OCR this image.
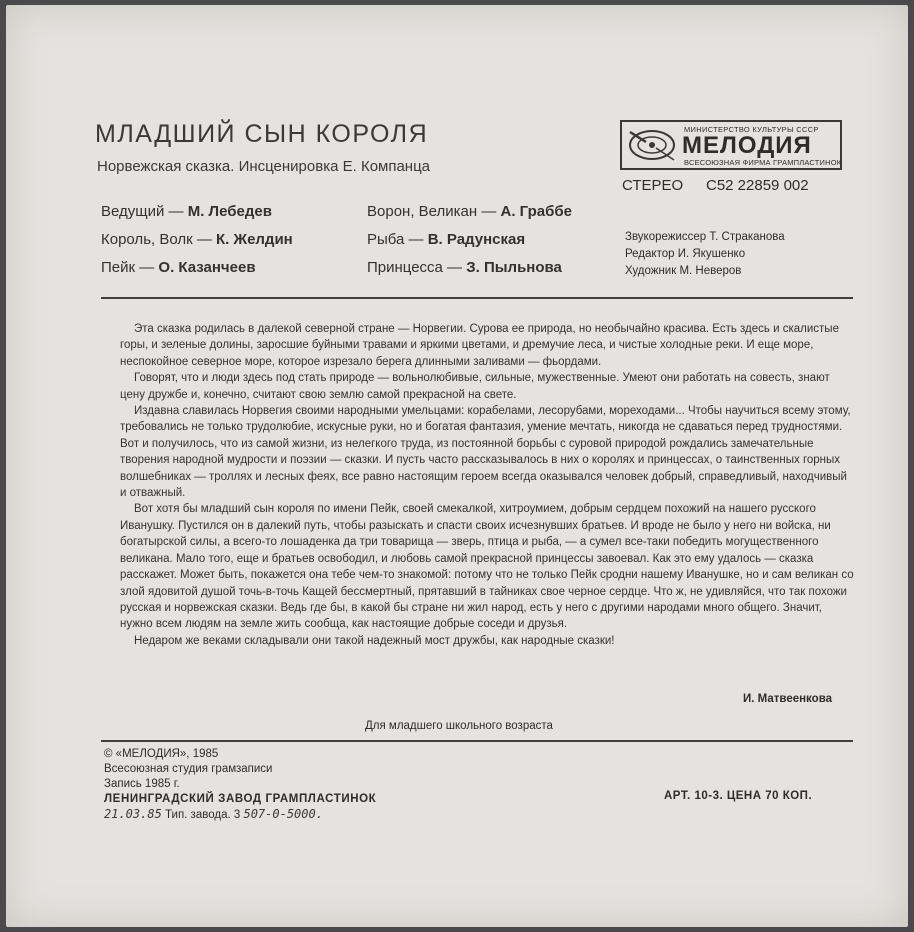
МЛАДШИЙ СЫН КОРОЛЯ
Норвежская сказка. Инсценировка Е. Компанца
Ведущий — М. Лебедев
Король, Волк — К. Желдин
Пейк — О. Казанчеев
Ворон, Великан — А. Граббе
Рыба — В. Радунская
Принцесса — З. Пыльнова
МИНИСТЕРСТВО КУЛЬТУРЫ СССР
МЕЛОДИЯ
ВСЕСОЮЗНАЯ ФИРМА ГРАМПЛАСТИНОК
СТЕРЕО С52 22859 002
Звукорежиссер Т. Страканова
Редактор И. Якушенко
Художник М. Неверов

Эта сказка родилась в далекой северной стране — Норвегии. Сурова ее природа, но необычайно красива. Есть здесь и скалистые горы, и зеленые долины, заросшие буйными травами и яркими цветами, и дремучие леса, и чистые холодные реки. И еще море, неспокойное северное море, которое изрезало берега длинными заливами — фьордами.

Говорят, что и люди здесь под стать природе — вольнолюбивые, сильные, мужественные. Умеют они работать на совесть, знают цену дружбе и, конечно, считают свою землю самой прекрасной на свете.

Издавна славилась Норвегия своими народными умельцами: корабелами, лесорубами, мореходами... Чтобы научиться всему этому, требовались не только трудолюбие, искусные руки, но и богатая фантазия, умение мечтать, никогда не сдаваться перед трудностями. Вот и получилось, что из самой жизни, из нелегкого труда, из постоянной борьбы с суровой природой рождались замечательные творения народной мудрости и поэзии — сказки. И пусть часто рассказывалось в них о королях и принцессах, о таинственных горных волшебниках — троллях и лесных феях, все равно настоящим героем всегда оказывался человек добрый, справедливый, находчивый и отважный.

Вот хотя бы младший сын короля по имени Пейк, своей смекалкой, хитроумием, добрым сердцем похожий на нашего русского Иванушку. Пустился он в далекий путь, чтобы разыскать и спасти своих исчезнувших братьев. И вроде не было у него ни войска, ни богатырской силы, а всего-то лошаденка да три товарища — зверь, птица и рыба, — а сумел все-таки победить могущественного великана. Мало того, еще и братьев освободил, и любовь самой прекрасной принцессы завоевал. Как это ему удалось — сказка расскажет. Может быть, покажется она тебе чем-то знакомой: потому что не только Пейк сродни нашему Иванушке, но и сам великан со злой ядовитой душой точь-в-точь Кащей бессмертный, прятавший в тайниках свое черное сердце. Что ж, не удивляйся, что так похожи русская и норвежская сказки. Ведь где бы, в какой бы стране ни жил народ, есть у него с другими народами много общего. Значит, нужно всем людям на земле жить сообща, как настоящие добрые соседи и друзья.

Недаром же веками складывали они такой надежный мост дружбы, как народные сказки!

И. Матвеенкова
Для младшего школьного возраста
© «МЕЛОДИЯ», 1985
Всесоюзная студия грамзаписи
Запись 1985 г.
ЛЕНИНГРАДСКИЙ ЗАВОД ГРАМПЛАСТИНОК
21.03.85 Тип. завода. 3 507-0-5000.
АРТ. 10-3. ЦЕНА 70 КОП.
